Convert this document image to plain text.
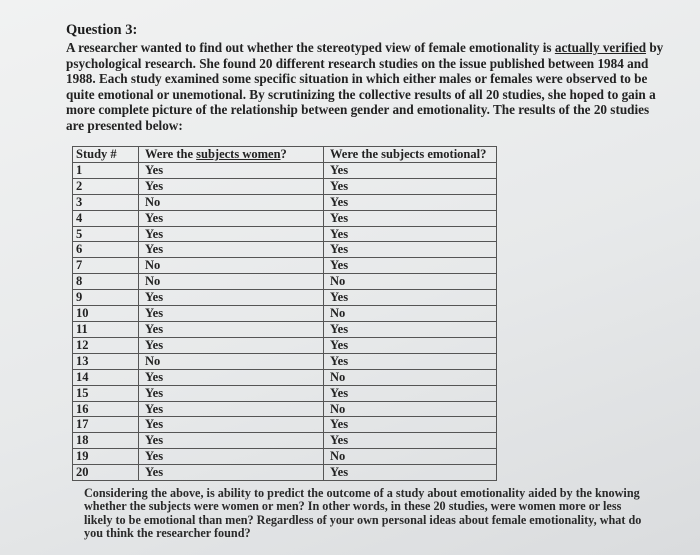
Question 3:
A researcher wanted to find out whether the stereotyped view of female emotionality is actually verified by psychological research. She found 20 different research studies on the issue published between 1984 and 1988. Each study examined some specific situation in which either males or females were observed to be quite emotional or unemotional. By scrutinizing the collective results of all 20 studies, she hoped to gain a more complete picture of the relationship between gender and emotionality. The results of the 20 studies are presented below:
Study #	Were the subjects women?	Were the subjects emotional?
1	Yes	Yes
2	Yes	Yes
3	No	Yes
4	Yes	Yes
5	Yes	Yes
6	Yes	Yes
7	No	Yes
8	No	No
9	Yes	Yes
10	Yes	No
11	Yes	Yes
12	Yes	Yes
13	No	Yes
14	Yes	No
15	Yes	Yes
16	Yes	No
17	Yes	Yes
18	Yes	Yes
19	Yes	No
20	Yes	Yes
Considering the above, is ability to predict the outcome of a study about emotionality aided by the knowing whether the subjects were women or men? In other words, in these 20 studies, were women more or less likely to be emotional than men? Regardless of your own personal ideas about female emotionality, what do you think the researcher found?
